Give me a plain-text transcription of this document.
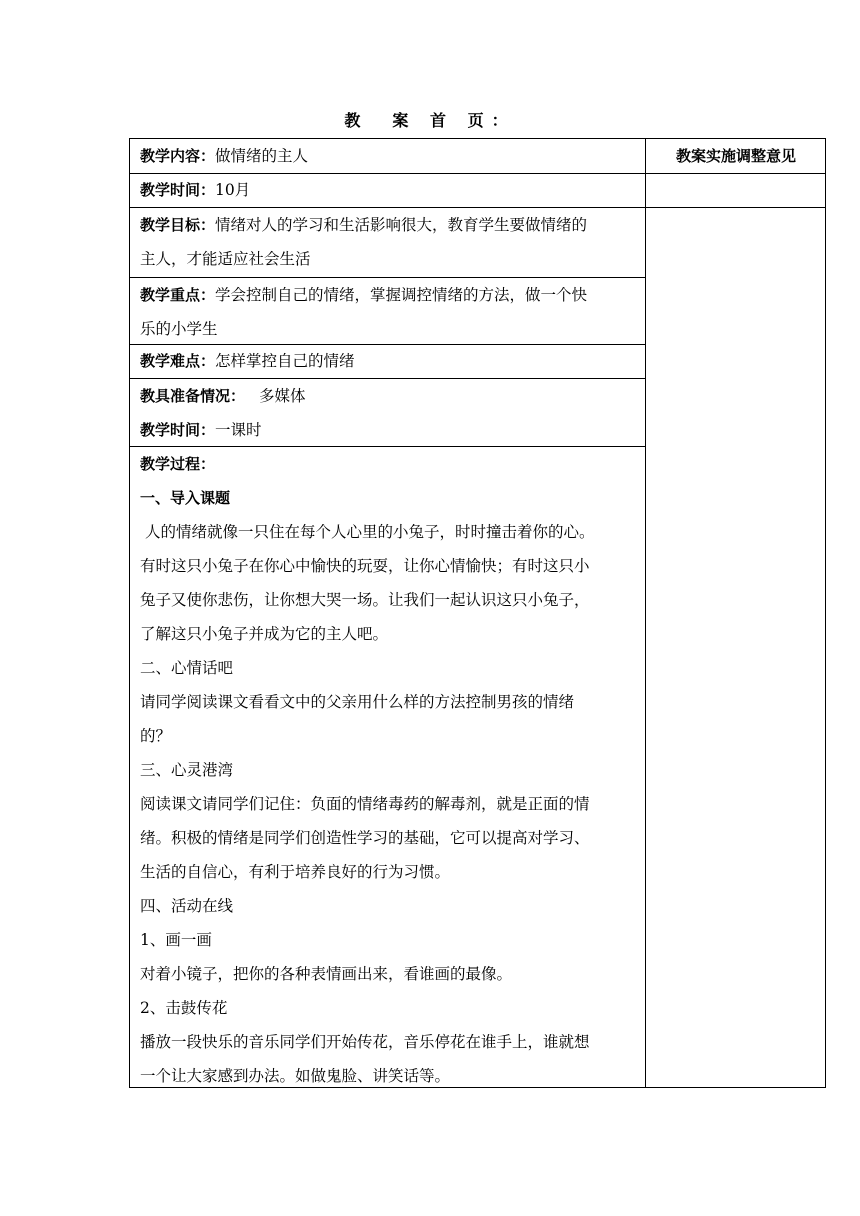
教　案 首 页：
教学内容：做情绪的主人	教案实施调整意见
教学时间：10月
教学目标：情绪对人的学习和生活影响很大，教育学生要做情绪的
主人，才能适应社会生活
教学重点：学会控制自己的情绪，掌握调控情绪的方法，做一个快
乐的小学生
教学难点：怎样掌控自己的情绪
教具准备情况： 多媒体
教学时间：一课时
教学过程：
一、导入课题
人的情绪就像一只住在每个人心里的小兔子，时时撞击着你的心。
有时这只小兔子在你心中愉快的玩耍，让你心情愉快；有时这只小
兔子又使你悲伤，让你想大哭一场。让我们一起认识这只小兔子，
了解这只小兔子并成为它的主人吧。
二、心情话吧
请同学阅读课文看看文中的父亲用什么样的方法控制男孩的情绪
的？
三、心灵港湾
阅读课文请同学们记住：负面的情绪毒药的解毒剂，就是正面的情
绪。积极的情绪是同学们创造性学习的基础，它可以提高对学习、
生活的自信心，有利于培养良好的行为习惯。
四、活动在线
1、画一画
对着小镜子，把你的各种表情画出来，看谁画的最像。
2、击鼓传花
播放一段快乐的音乐同学们开始传花，音乐停花在谁手上，谁就想
一个让大家感到办法。如做鬼脸、讲笑话等。
